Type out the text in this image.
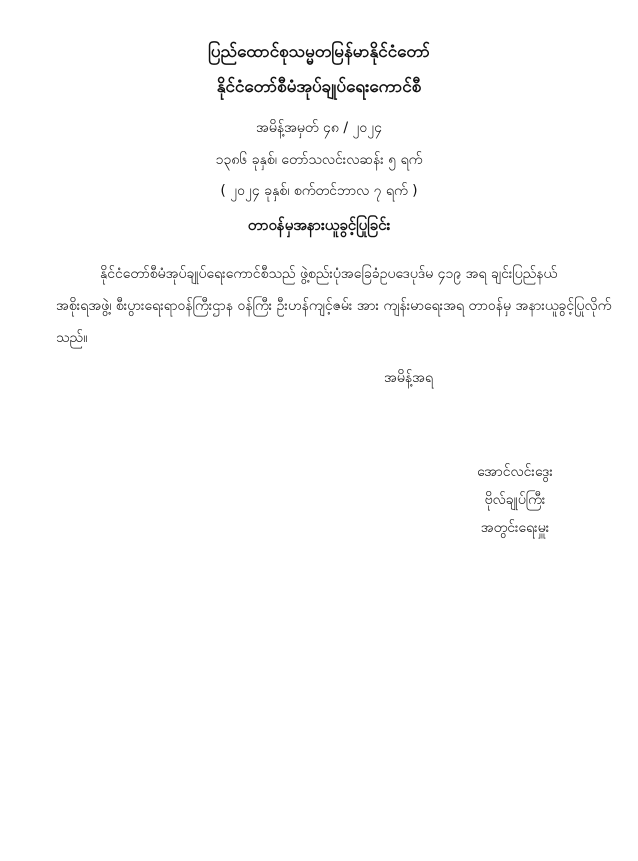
ပြည်ထောင်စုသမ္မတမြန်မာနိုင်ငံတော်
နိုင်ငံတော်စီမံအုပ်ချုပ်ရေးကောင်စီ
အမိန့်အမှတ် ၄၈ / ၂၀၂၄
၁၃၈၆ ခုနှစ်၊ တော်သလင်းလဆန်း ၅ ရက်
( ၂၀၂၄ ခုနှစ်၊ စက်တင်ဘာလ ၇ ရက် )
တာဝန်မှအနားယူခွင့်ပြုခြင်း
နိုင်ငံတော်စီမံအုပ်ချုပ်ရေးကောင်စီသည် ဖွဲ့စည်းပုံအခြေခံဥပဒေပုဒ်မ ၄၁၉ အရ ချင်းပြည်နယ် အစိုးရအဖွဲ့၊ စီးပွားရေးရာဝန်ကြီးဌာန ဝန်ကြီး ဦးဟန်ကျင့်ဇမ်း အား ကျန်းမာရေးအရ တာဝန်မှ အနားယူခွင့်ပြုလိုက်သည်။
အမိန့်အရ
အောင်လင်းဒွေး
ဗိုလ်ချုပ်ကြီး
အတွင်းရေးမှူး
